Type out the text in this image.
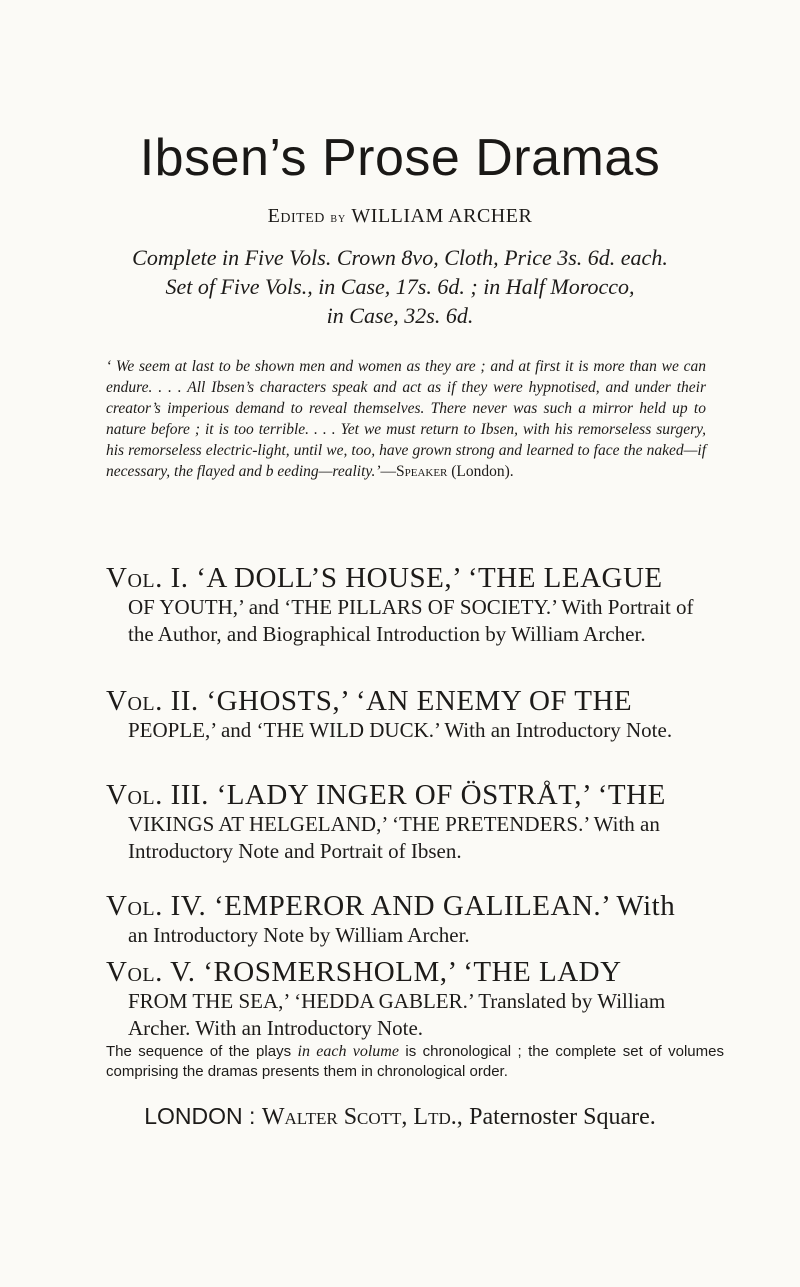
Ibsen’s Prose Dramas

Edited by WILLIAM ARCHER

Complete in Five Vols. Crown 8vo, Cloth, Price 3s. 6d. each.
Set of Five Vols., in Case, 17s. 6d. ; in Half Morocco,
in Case, 32s. 6d.

‘ We seem at last to be shown men and women as they are ; and at first it is more than we can endure. . . . All Ibsen’s characters speak and act as if they were hypnotised, and under their creator’s imperious demand to reveal themselves. There never was such a mirror held up to nature before ; it is too terrible. . . . Yet we must return to Ibsen, with his remorseless surgery, his remorseless electric-light, until we, too, have grown strong and learned to face the naked—if necessary, the flayed and b eeding—reality.’—Speaker (London).

Vol. I. ‘A DOLL’S HOUSE,’ ‘THE LEAGUE
OF YOUTH,’ and ‘THE PILLARS OF SOCIETY.’ With Portrait of the Author, and Biographical Introduction by William Archer.
Vol. II. ‘GHOSTS,’ ‘AN ENEMY OF THE
PEOPLE,’ and ‘THE WILD DUCK.’ With an Introductory Note.
Vol. III. ‘LADY INGER OF ÖSTRÅT,’ ‘THE
VIKINGS AT HELGELAND,’ ‘THE PRETENDERS.’ With an Introductory Note and Portrait of Ibsen.
Vol. IV. ‘EMPEROR AND GALILEAN.’ With
an Introductory Note by William Archer.
Vol. V. ‘ROSMERSHOLM,’ ‘THE LADY
FROM THE SEA,’ ‘HEDDA GABLER.’ Translated by William Archer. With an Introductory Note.

The sequence of the plays in each volume is chronological ; the complete set of volumes comprising the dramas presents them in chronological order.

LONDON : Walter Scott, Ltd., Paternoster Square.
